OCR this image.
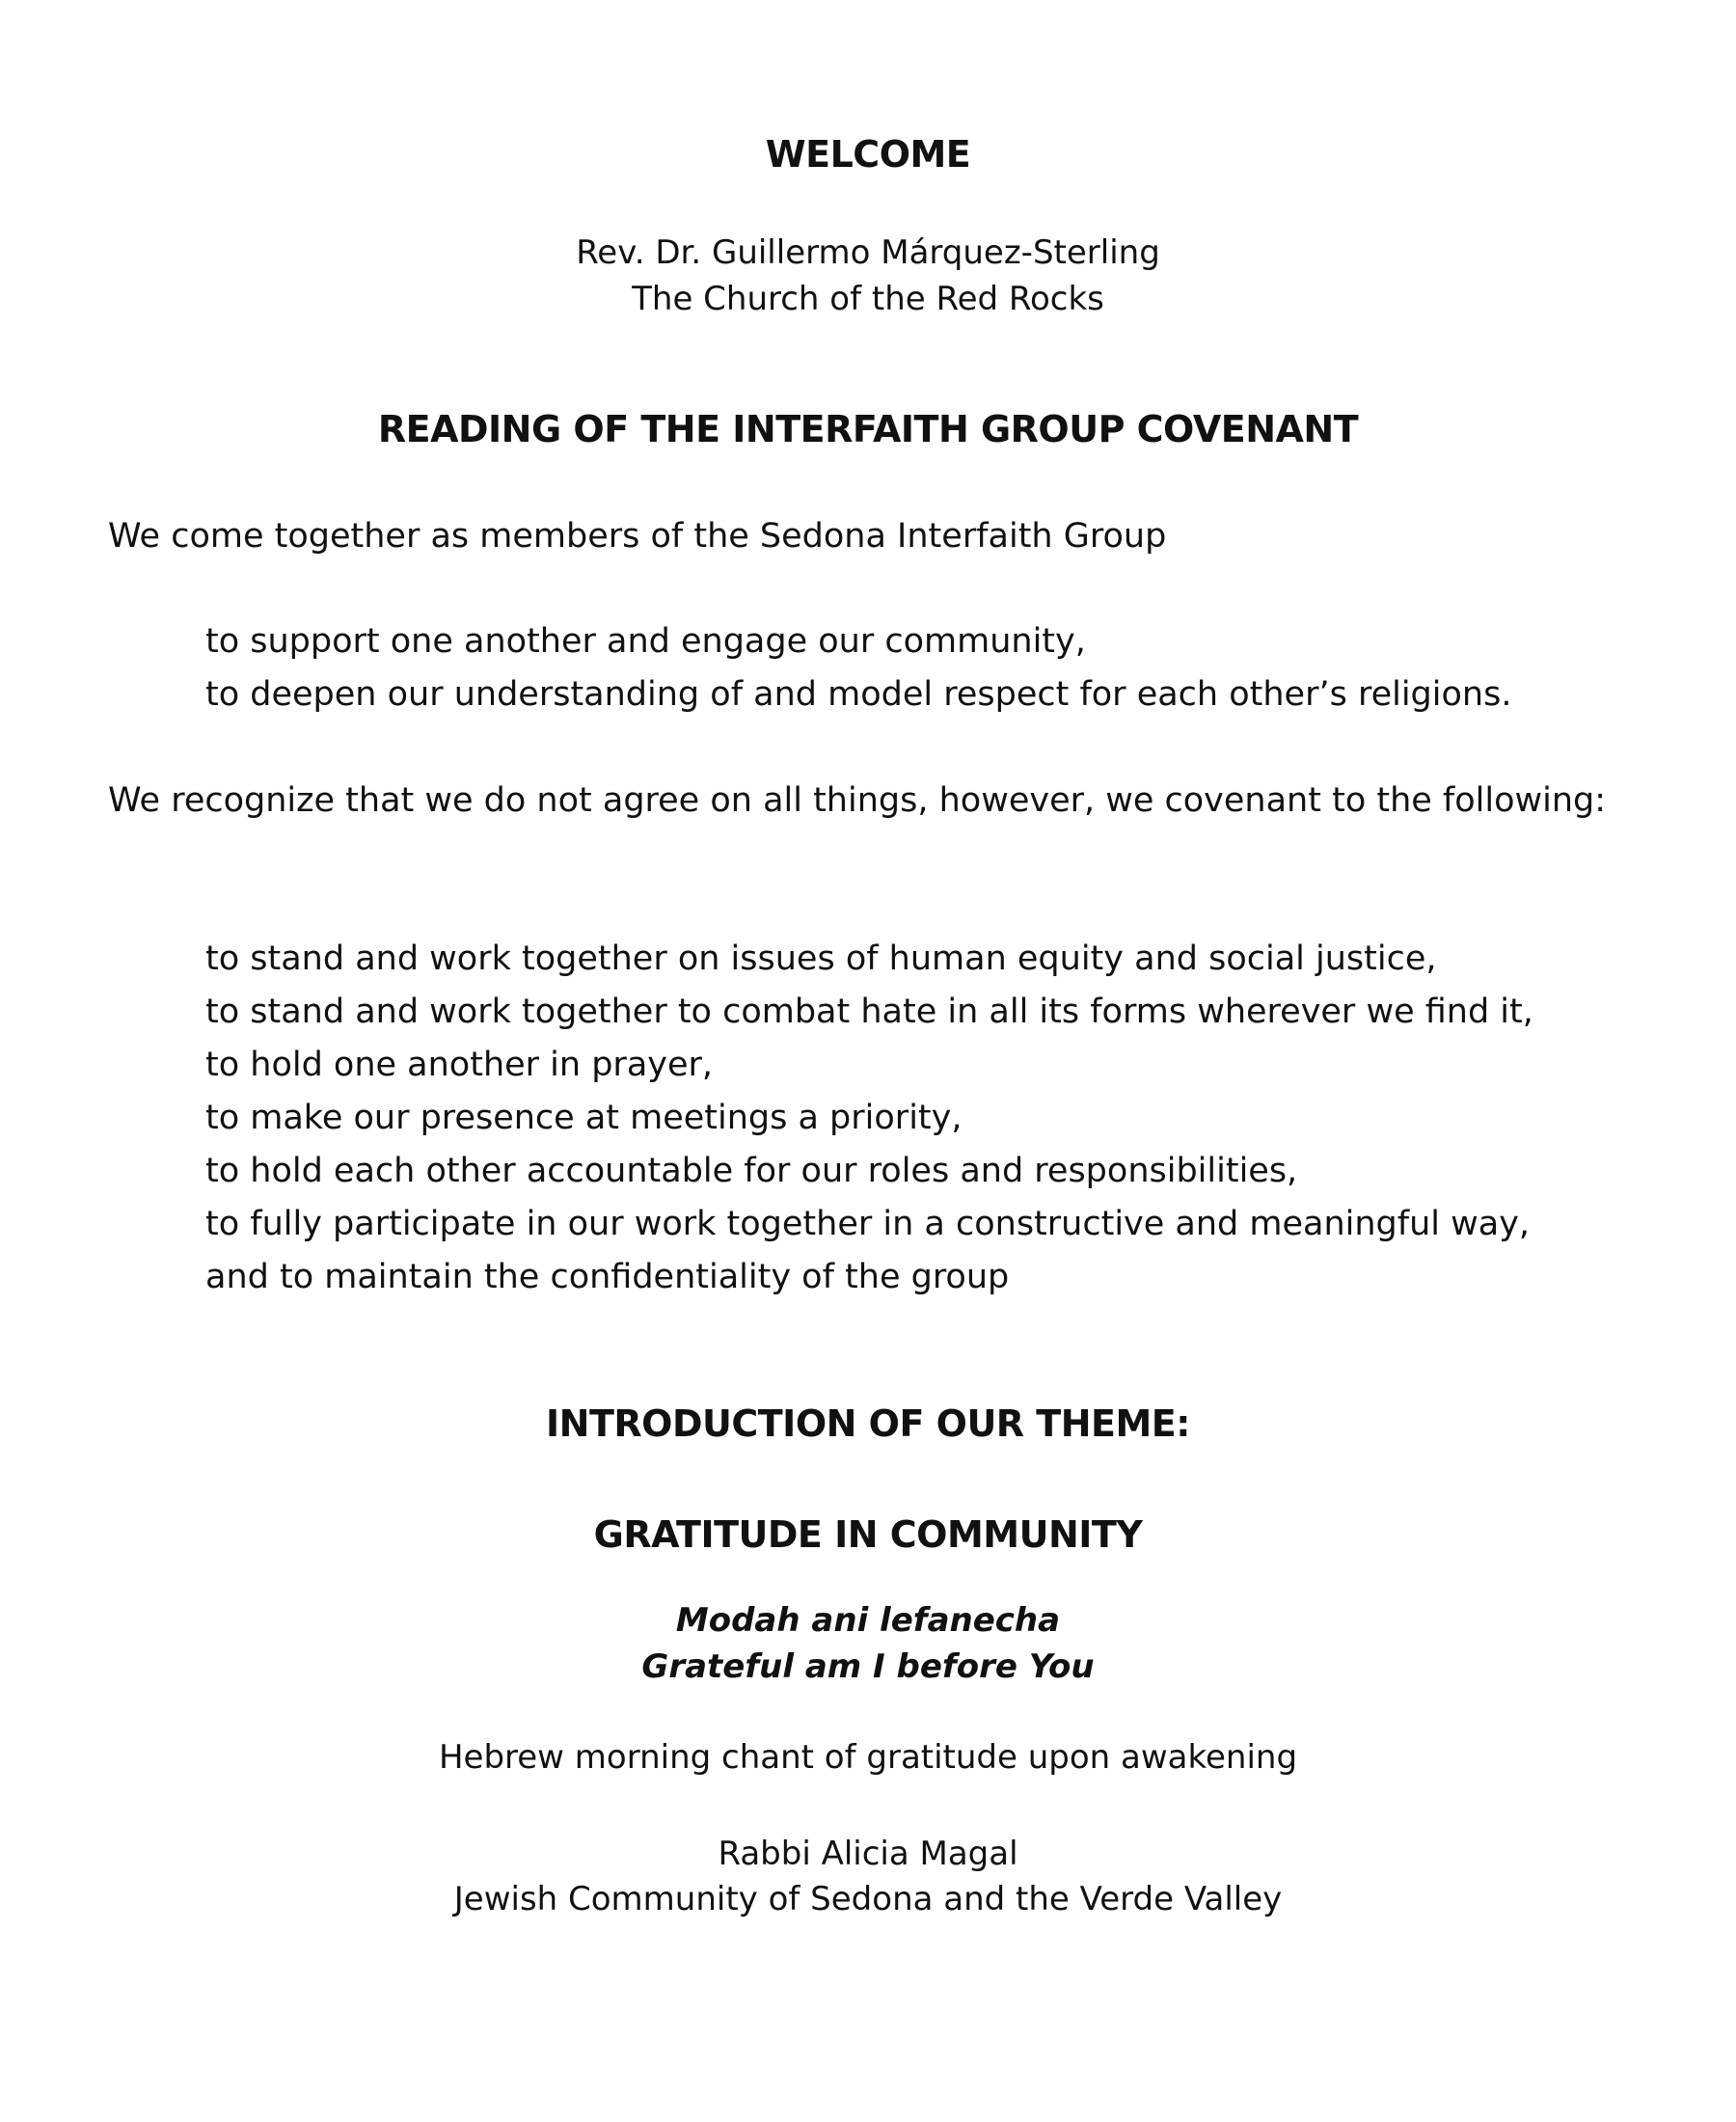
WELCOME
Rev. Dr. Guillermo Márquez-Sterling
The Church of the Red Rocks
READING OF THE INTERFAITH GROUP COVENANT
We come together as members of the Sedona Interfaith Group
to support one another and engage our community,
to deepen our understanding of and model respect for each other’s religions.
We recognize that we do not agree on all things, however, we covenant to the following:
to stand and work together on issues of human equity and social justice,
to stand and work together to combat hate in all its forms wherever we find it,
to hold one another in prayer,
to make our presence at meetings a priority,
to hold each other accountable for our roles and responsibilities,
to fully participate in our work together in a constructive and meaningful way,
and to maintain the confidentiality of the group
INTRODUCTION OF OUR THEME:
GRATITUDE IN COMMUNITY
Modah ani lefanecha
Grateful am I before You
Hebrew morning chant of gratitude upon awakening
Rabbi Alicia Magal
Jewish Community of Sedona and the Verde Valley
